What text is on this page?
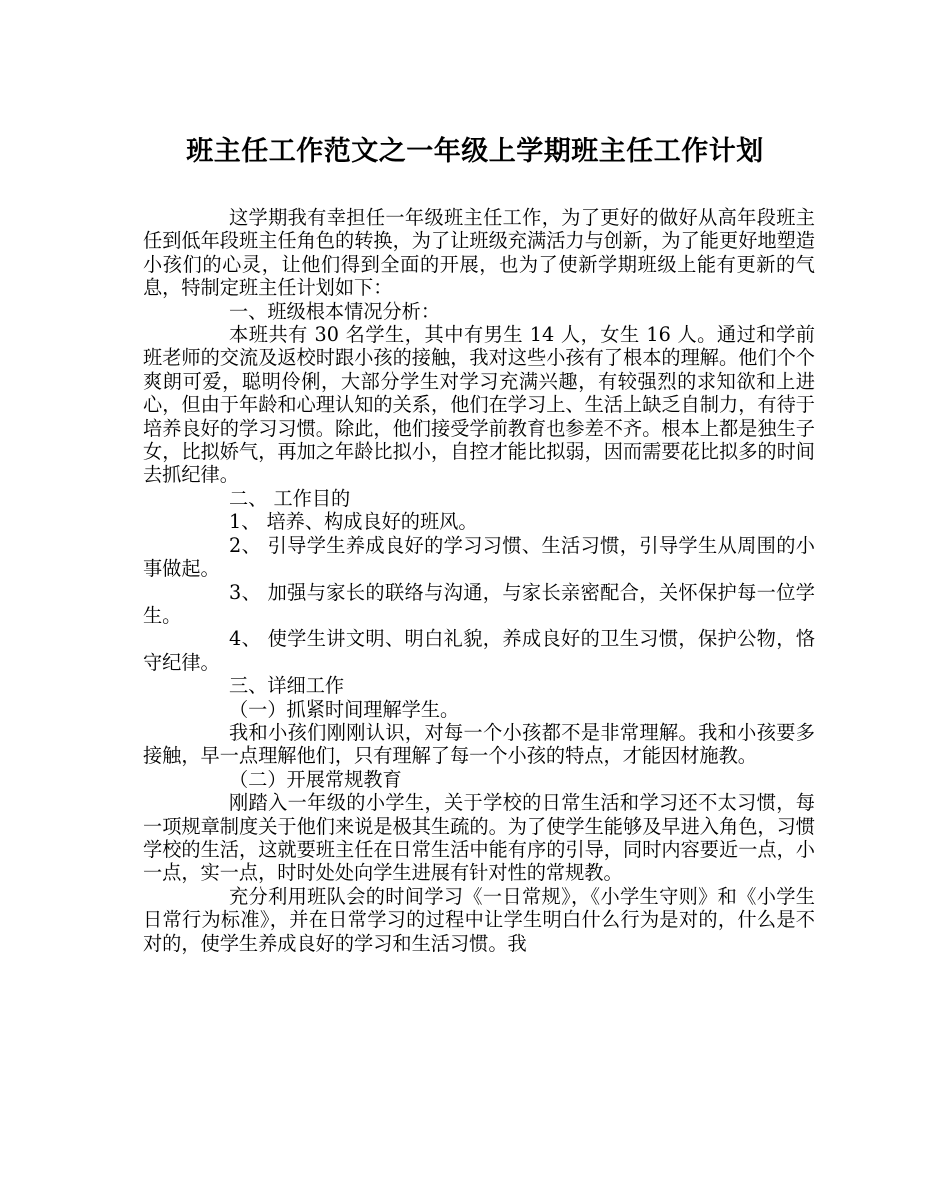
班主任工作范文之一年级上学期班主任工作计划

这学期我有幸担任一年级班主任工作，为了更好的做好从高年段班主任到低年段班主任角色的转换，为了让班级充满活力与创新，为了能更好地塑造小孩们的心灵，让他们得到全面的开展，也为了使新学期班级上能有更新的气息，特制定班主任计划如下：

一、班级根本情况分析：

本班共有 30 名学生，其中有男生 14 人，女生 16 人。通过和学前班老师的交流及返校时跟小孩的接触，我对这些小孩有了根本的理解。他们个个爽朗可爱，聪明伶俐，大部分学生对学习充满兴趣，有较强烈的求知欲和上进心，但由于年龄和心理认知的关系，他们在学习上、生活上缺乏自制力，有待于培养良好的学习习惯。除此，他们接受学前教育也参差不齐。根本上都是独生子女，比拟娇气，再加之年龄比拟小，自控才能比拟弱，因而需要花比拟多的时间去抓纪律。

二、 工作目的

1、 培养、构成良好的班风。

2、 引导学生养成良好的学习习惯、生活习惯，引导学生从周围的小事做起。

3、 加强与家长的联络与沟通，与家长亲密配合，关怀保护每一位学生。

4、 使学生讲文明、明白礼貌，养成良好的卫生习惯，保护公物，恪守纪律。

三、详细工作

（一）抓紧时间理解学生。

我和小孩们刚刚认识，对每一个小孩都不是非常理解。我和小孩要多接触，早一点理解他们，只有理解了每一个小孩的特点，才能因材施教。

（二）开展常规教育

刚踏入一年级的小学生，关于学校的日常生活和学习还不太习惯，每一项规章制度关于他们来说是极其生疏的。为了使学生能够及早进入角色，习惯学校的生活，这就要班主任在日常生活中能有序的引导，同时内容要近一点，小一点，实一点，时时处处向学生进展有针对性的常规教。

充分利用班队会的时间学习《一日常规》，《小学生守则》和《小学生日常行为标准》，并在日常学习的过程中让学生明白什么行为是对的，什么是不对的，使学生养成良好的学习和生活习惯。我
